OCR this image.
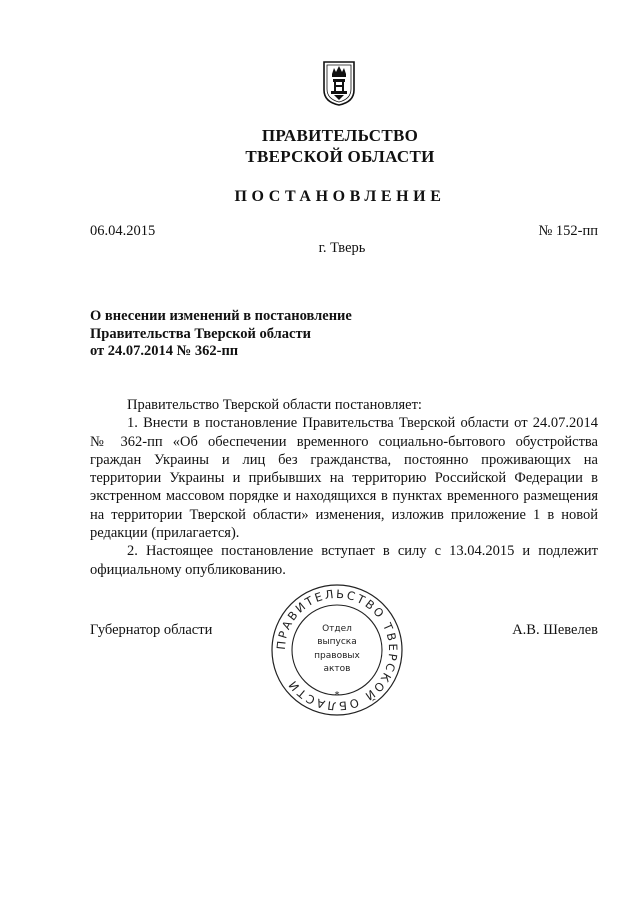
ПРАВИТЕЛЬСТВО
ТВЕРСКОЙ ОБЛАСТИ
ПОСТАНОВЛЕНИЕ
06.04.2015	№ 152-пп
г. Тверь
О внесении изменений в постановление
Правительства Тверской области
от 24.07.2014 № 362-пп

Правительство Тверской области постановляет:

1. Внести в постановление Правительства Тверской области от 24.07.2014 № 362-пп «Об обеспечении временного социально-бытового обустройства граждан Украины и лиц без гражданства, постоянно проживающих на территории Украины и прибывших на территорию Российской Федерации в экстренном массовом порядке и находящихся в пунктах временного размещения на территории Тверской области» изменения, изложив приложение 1 в новой редакции (прилагается).

2. Настоящее постановление вступает в силу с 13.04.2015 и подлежит официальному опубликованию.

Губернатор области	А.В. Шевелев
ПРАВИТЕЛЬСТВО ТВЕРСКОЙ ОБЛАСТИ
Отдел
выпуска
правовых
актов
*
